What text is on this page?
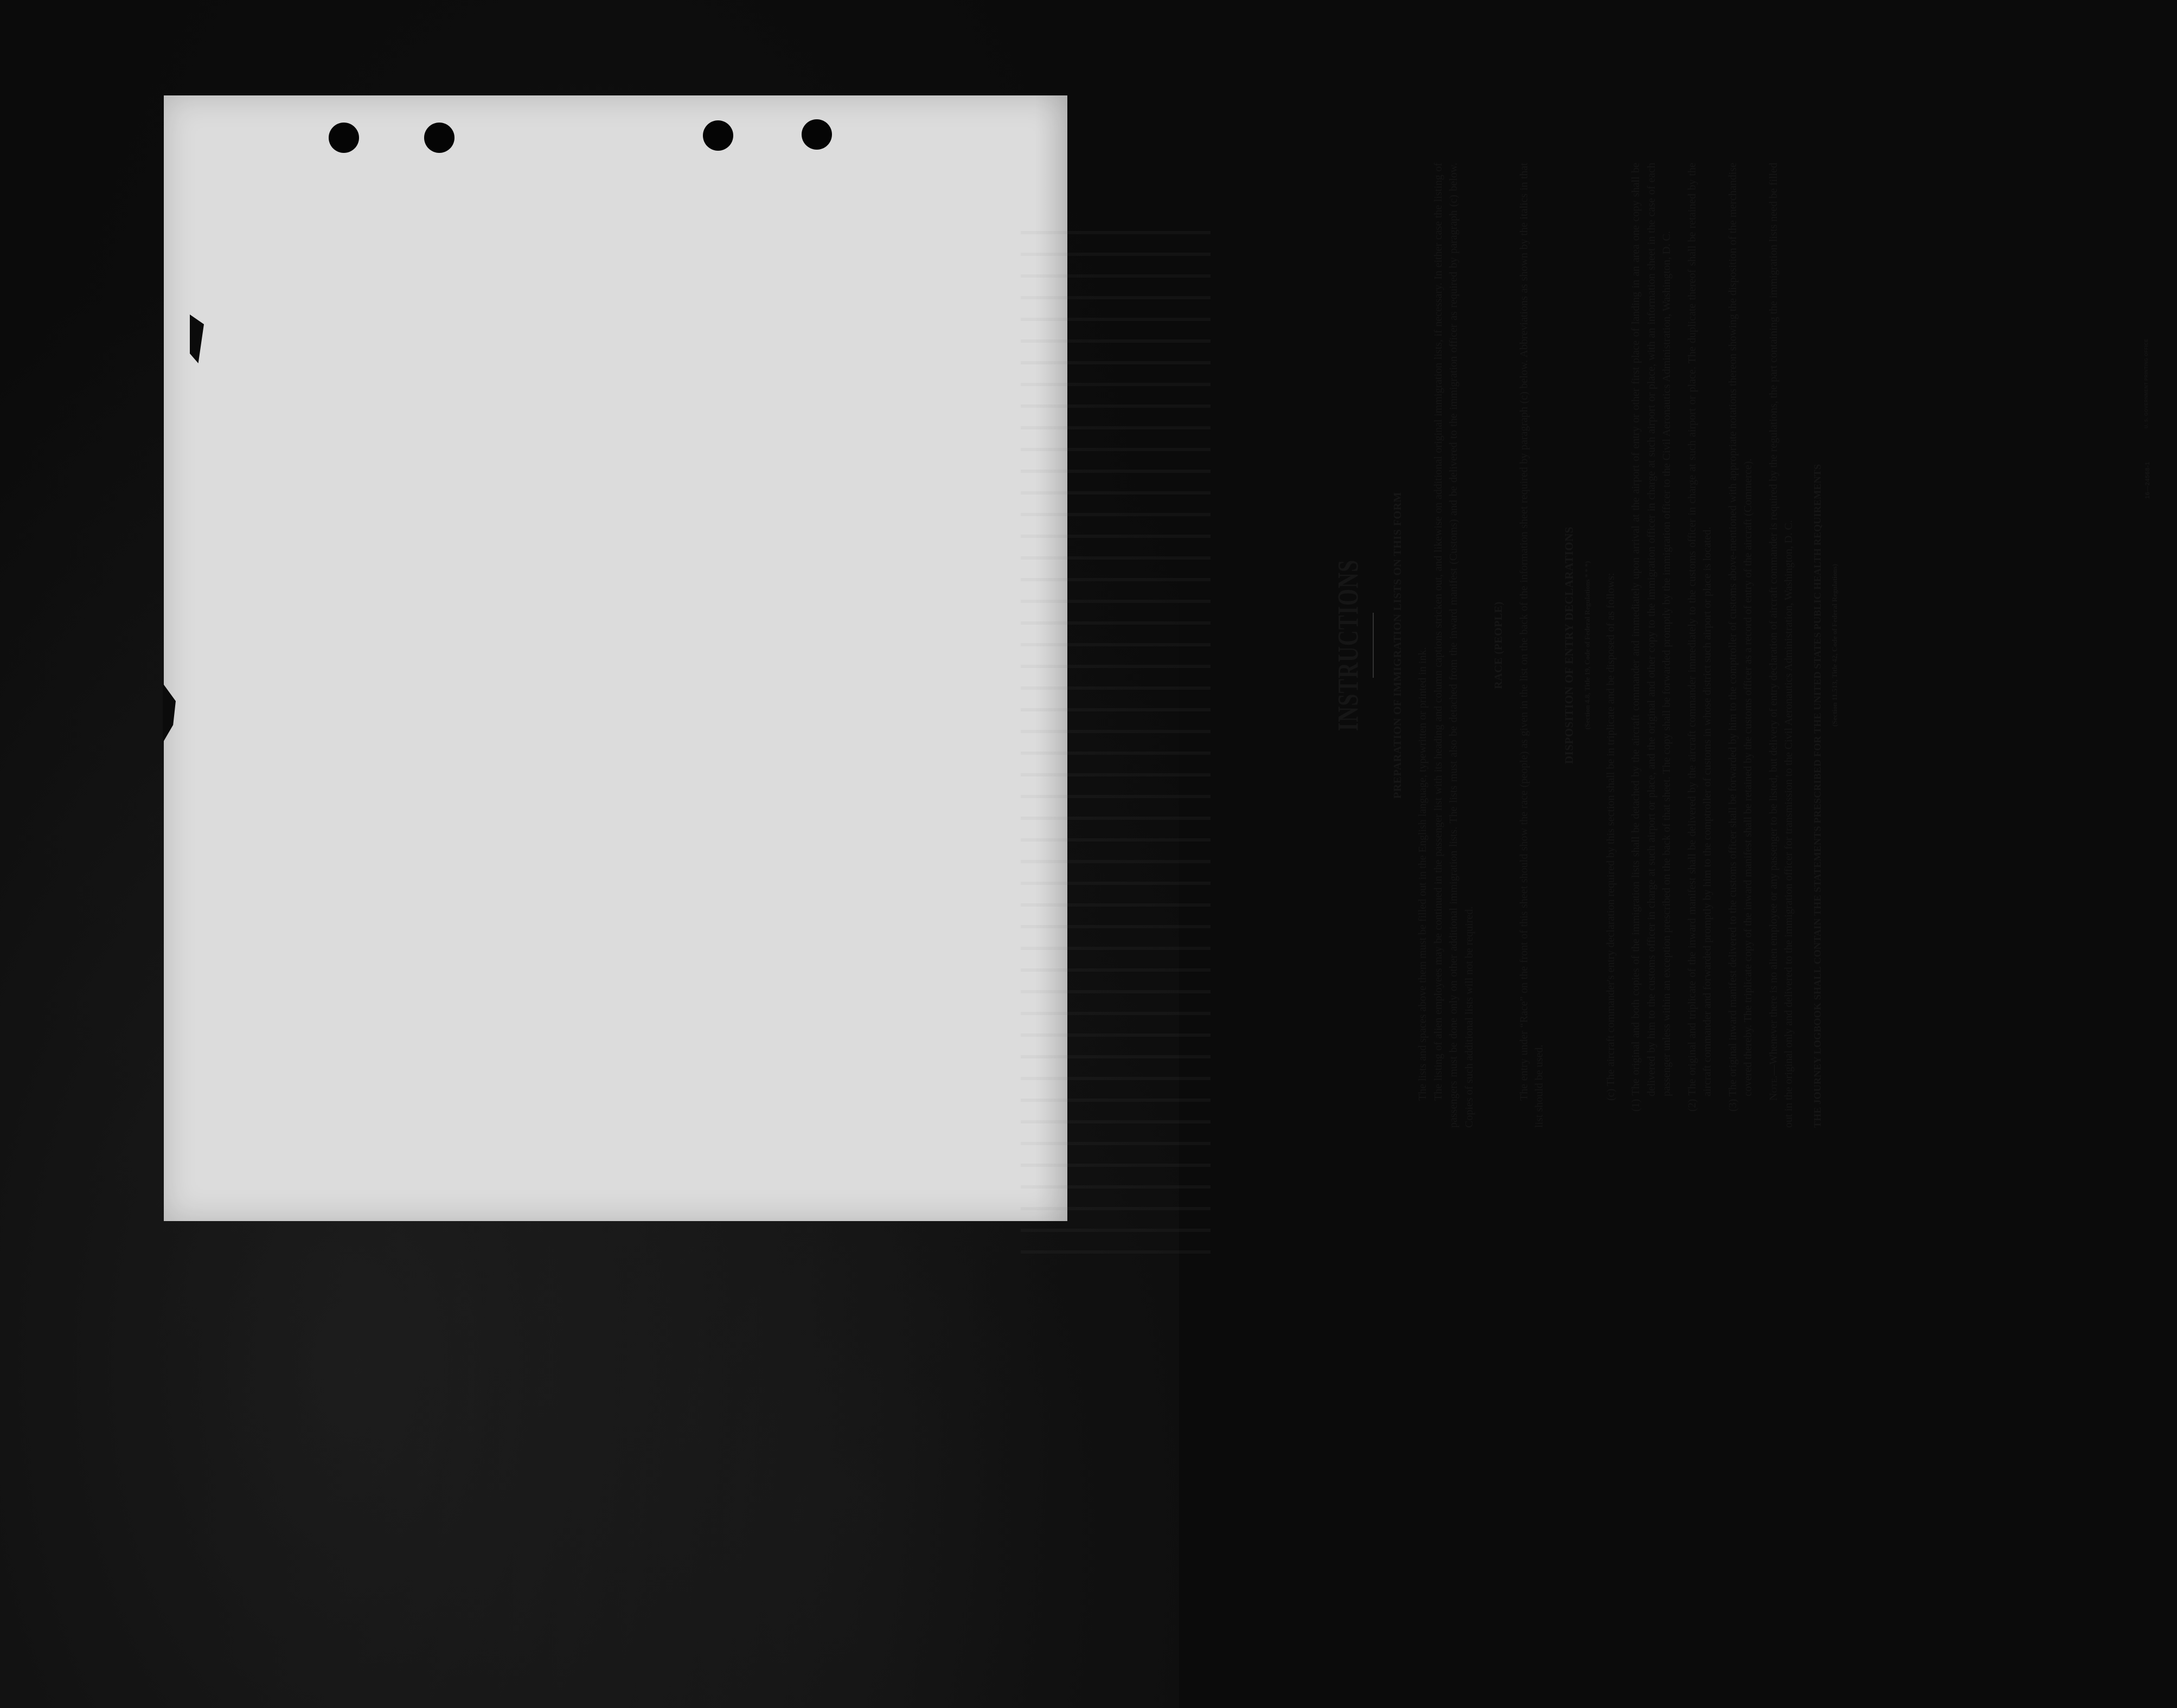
INSTRUCTIONS PREPARATION OF IMMIGRATION LISTS ON THIS FORM

The lists and spaces above them must be filled out in the English language, typewritten or printed in ink. The listing of alien employees may be continued in the passenger list with its heading and column captions stricken out, and likewise on additional original immigration lists, if necessary. In either case the listing of passengers must be done only on other additional immigration lists. The lists must also be detached from the inward manifest (Customs) and be delivered to the immigration officer as required by paragraph (c) below. Copies of such additional lists will not be required.

RACE (PEOPLE) The entry under “Race” on the front of this sheet should show the race (people) as given in the list on the back of the information sheet required by paragraph (c) below. Abbreviations as shown by the italics in that list should be used.

DISPOSITION OF ENTRY DECLARATIONS	(Section 4.8, Title 19, Code of Federal Regulations * * *)	(c) The aircraft commander's entry declaration required by this section shall be in triplicate and be disposed of as follows: (1) The original and both copies of the immigration lists shall be detached by the aircraft commander and immediately upon arrival at the airport of entry or other first place of landing in an area one copy shall be delivered by him to the customs officer in charge at such airport or place, and the original and other copy to the immigration officer in charge at such airport or place, with an information sheet in the case of each passenger unless within an exception prescribed on the back of that sheet. The copy shall be forwarded promptly by the immigration officer to the Civil Aeronautics Administration, Washington, D. C. (2) The original and triplicate of the inward manifest shall be delivered by the aircraft commander immediately to the customs officer in charge at such airport or place. The duplicate thereof shall be retained by the aircraft commander and forwarded promptly by him to the comptroller of customs in whose district such airport or place is located. (3) The original inward manifest delivered to the customs officer shall be forwarded by him to the comptroller of customs above-mentioned with appropriate notations thereon showing the disposition of the merchandise covered thereby. The triplicate copy of the inward manifest shall be retained by the customs officer as a record of entry of the aircraft (Commerce). Note.—Whenever there is no alien employee or any passenger to be listed, but delivery of entry declaration of aircraft commander is required by the regulations, the part containing the immigration lists need be filled out in the original only and delivered to the immigration officer for transmission to the Civil Aeronautics Administration, Washington, D. C. THE JOURNEY LOGBOOK SHALL CONTAIN THE STATEMENTS PRESCRIBED FOR THE UNITED STATES PUBLIC HEALTH REQUIREMENTS	(Section 11.513, Title 42, Code of Federal Regulations)
16—24568-1
U. S. GOVERNMENT PRINTING OFFICE
